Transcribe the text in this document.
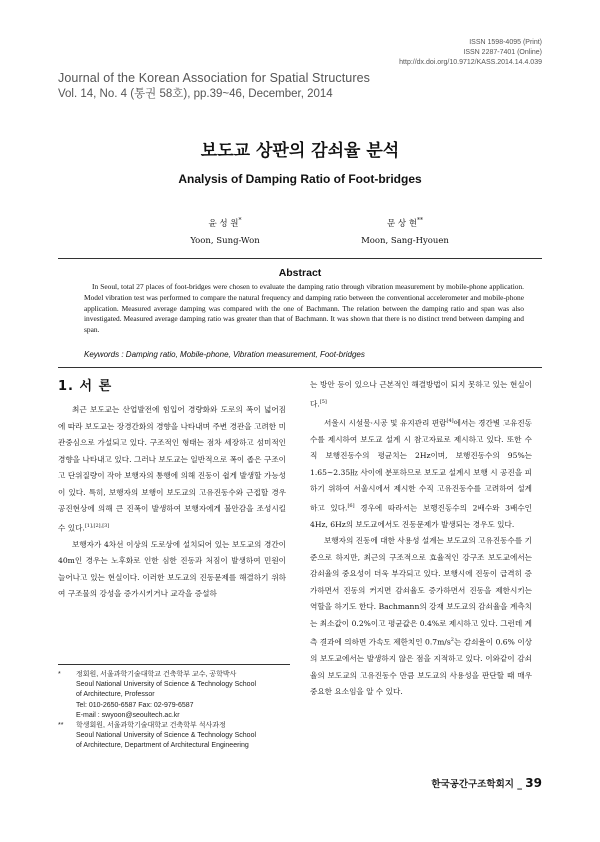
ISSN 1598-4095 (Print)
ISSN 2287-7401 (Online)
http://dx.doi.org/10.9712/KASS.2014.14.4.039
Journal of the Korean Association for Spatial Structures
Vol. 14, No. 4 (통권 58호), pp.39~46, December, 2014
보도교 상판의 감쇠율 분석
Analysis of Damping Ratio of Foot-bridges
윤 성 원*
Yoon, Sung-Won
문 상 현**
Moon, Sang-Hyouen
Abstract
In Seoul, total 27 places of foot-bridges were chosen to evaluate the damping ratio through vibration measurement by mobile-phone application. Model vibration test was performed to compare the natural frequency and damping ratio between the conventional accelerometer and mobile-phone application. Measured average damping was compared with the one of Bachmann. The relation between the damping ratio and span was also investigated. Measured average damping ratio was greater than that of Bachmann. It was shown that there is no distinct trend between damping and span.
Keywords : Damping ratio, Mobile-phone, Vibration measurement, Foot-bridges
1. 서 론

최근 보도교는 산업발전에 힘입어 경량화와 도로의 폭이 넓어짐에 따라 보도교는 장경간화의 경향을 나타내며 주변 경관을 고려한 미관중심으로 가설되고 있다. 구조적인 형태는 점차 세장하고 섬미적인 경향을 나타내고 있다. 그러나 보도교는 일반적으로 폭이 좁은 구조이고 단위질량이 작아 보행자의 통행에 의해 진동이 쉽게 발생할 가능성이 있다. 특히, 보행자의 보행이 보도교의 고유진동수와 근접할 경우 공진현상에 의해 큰 진폭이 발생하여 보행자에게 불안감을 조성시킬 수 있다.[1],[2],[3]

보행자가 4차선 이상의 도로상에 설치되어 있는 보도교의 경간이 40m인 경우는 노후화로 인한 심한 진동과 처짐이 발생하여 민원이 늘어나고 있는 현실이다. 이러한 보도교의 진동문제를 해결하기 위하여 구조물의 강성을 증가시키거나 교각을 증설하

는 방안 등이 있으나 근본적인 해결방법이 되지 못하고 있는 현실이다.[5]

서울시 시설물·시공 및 유지관리 편람[4]에서는 경간별 고유진동수를 제시하여 보도교 설계 시 참고자료로 제시하고 있다. 또한 수직 보행진동수의 평균치는 2Hz이며, 보행진동수의 95%는 1.65~2.35㎐ 사이에 분포하므로 보도교 설계시 보행 시 공진을 피하기 위하여 서울시에서 제시한 수직 고유진동수를 고려하여 설계하고 있다.[6] 경우에 따라서는 보행진동수의 2배수와 3배수인 4Hz, 6Hz의 보도교에서도 진동문제가 발생되는 경우도 있다.

보행자의 진동에 대한 사용성 설계는 보도교의 고유진동수를 기준으로 하지만, 최근의 구조적으로 효율적인 강구조 보도교에서는 감쇠율의 중요성이 더욱 부각되고 있다. 보행시에 진동이 급격히 증가하면서 진동의 커지면 감쇠율도 증가하면서 진동을 제한시키는 역할을 하기도 한다. Bachmann의 강재 보도교의 감쇠율을 계측치는 최소값이 0.2%이고 평균값은 0.4%로 제시하고 있다. 그런데 계측 결과에 의하면 가속도 제한치인 0.7m/s$^2$는 감쇠율이 0.6% 이상의 보도교에서는 발생하지 않은 점을 지적하고 있다. 이와같이 감쇠율의 보도교의 고유진동수 만큼 보도교의 사용성을 판단할 때 매우 중요한 요소임을 알 수 있다.

*	정회원, 서울과학기술대학교 건축학부 교수, 공학박사
Seoul National University of Science & Technology School
of Architecture, Professor
Tel: 010-2650-6587 Fax: 02-979-6587
E-mail : swyoon@seoultech.ac.kr
**	학생회원, 서울과학기술대학교 건축학부 석사과정
Seoul National University of Science & Technology School
of Architecture, Department of Architectural Engineering
한국공간구조학회지 _ 39
